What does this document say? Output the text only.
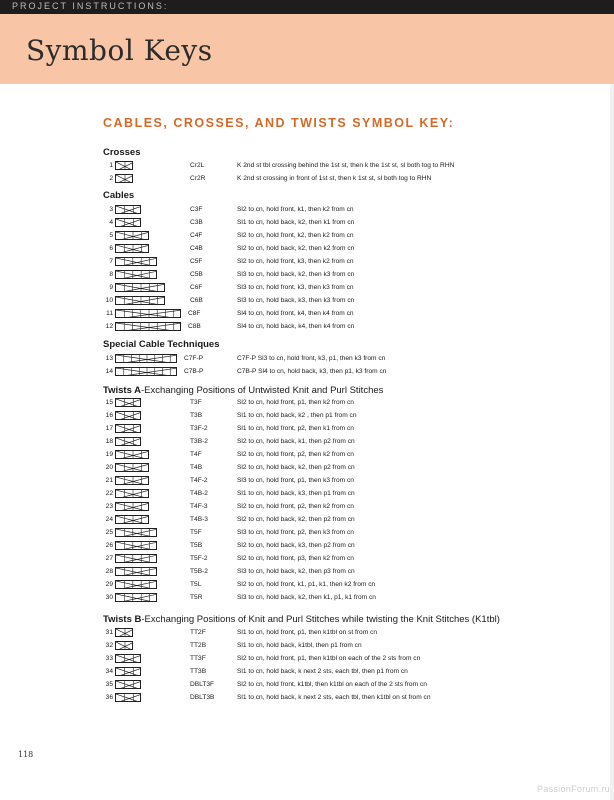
PROJECT INSTRUCTIONS:
Symbol Keys
CABLES, CROSSES, AND TWISTS SYMBOL KEY:
Crosses
Cables
Special Cable Techniques
Twists A-Exchanging Positions of Untwisted Knit and Purl Stitches
Twists B-Exchanging Positions of Knit and Purl Stitches while twisting the Knit Stitches (K1tbl)
1	Cr2L	K 2nd st tbl crossing behind the 1st st, then k the 1st st, sl both tog to RHN
2	Cr2R	K 2nd st crossing in front of 1st st, then k 1st st, sl both tog to RHN
3	C3F	Sl2 to cn, hold front, k1, then k2 from cn
4	C3B	Sl1 to cn, hold back, k2, then k1 from cn
5	C4F	Sl2 to cn, hold front, k2, then k2 from cn
6	C4B	Sl2 to cn, hold back, k2, then k2 from cn
7	C5F	Sl2 to cn, hold front, k3, then k2 from cn
8	C5B	Sl3 to cn, hold back, k2, then k3 from cn
9	C6F	Sl3 to cn, hold front, k3, then k3 from cn
10	C6B	Sl3 to cn, hold back, k3, then k3 from cn
11	C8F	Sl4 to cn, hold front, k4, then k4 from cn
12	C8B	Sl4 to cn, hold back, k4, then k4 from cn
13	C7F-P	C7F-P Sl3 to cn, hold front, k3, p1, then k3 from cn
14	C7B-P	C7B-P Sl4 to cn, hold back, k3, then p1, k3 from cn
15	T3F	Sl2 to cn, hold front, p1, then k2 from cn
16	T3B	Sl1 to cn, hold back, k2 , then p1 from cn
17	T3F-2	Sl1 to cn, hold front, p2, then k1 from cn
18	T3B-2	Sl2 to cn, hold back, k1, then p2 from cn
19	T4F	Sl2 to cn, hold front, p2, then k2 from cn
20	T4B	Sl2 to cn, hold back, k2, then p2 from cn
21	T4F-2	Sl3 to cn, hold front, p1, then k3 from cn
22	T4B-2	Sl1 to cn, hold back, k3, then p1 from cn
23	T4F-3	Sl2 to cn, hold front, p2, then k2 from cn
24	T4B-3	Sl2 to cn, hold back, k2, then p2 from cn
25	T5F	Sl3 to cn, hold front, p2, then k3 from cn
26	T5B	Sl2 to cn, hold back, k3, then p2 from cn
27	T5F-2	Sl2 to cn, hold front, p3, then k2 from cn
28	T5B-2	Sl3 to cn, hold back, k2, then p3 from cn
29	T5L	Sl2 to cn, hold front, k1, p1, k1, then k2 from cn
30	T5R	Sl3 to cn, hold back, k2, then k1, p1, k1 from cn
31	TT2F	Sl1 to cn, hold front, p1, then k1tbl on st from cn
32	TT2B	Sl1 to cn, hold back, k1tbl, then p1 from cn
33	TT3F	Sl2 to cn, hold front, p1, then k1tbl on each of the 2 sts from cn
34	TT3B	Sl1 to cn, hold back, k next 2 sts, each tbl, then p1 from cn
35	DBLT3F	Sl2 to cn, hold front, k1tbl, then k1tbl on each of the 2 sts from cn
36	DBLT3B	Sl1 to cn, hold back, k next 2 sts, each tbl, then k1tbl on st from cn
118
PassionForum.ru
